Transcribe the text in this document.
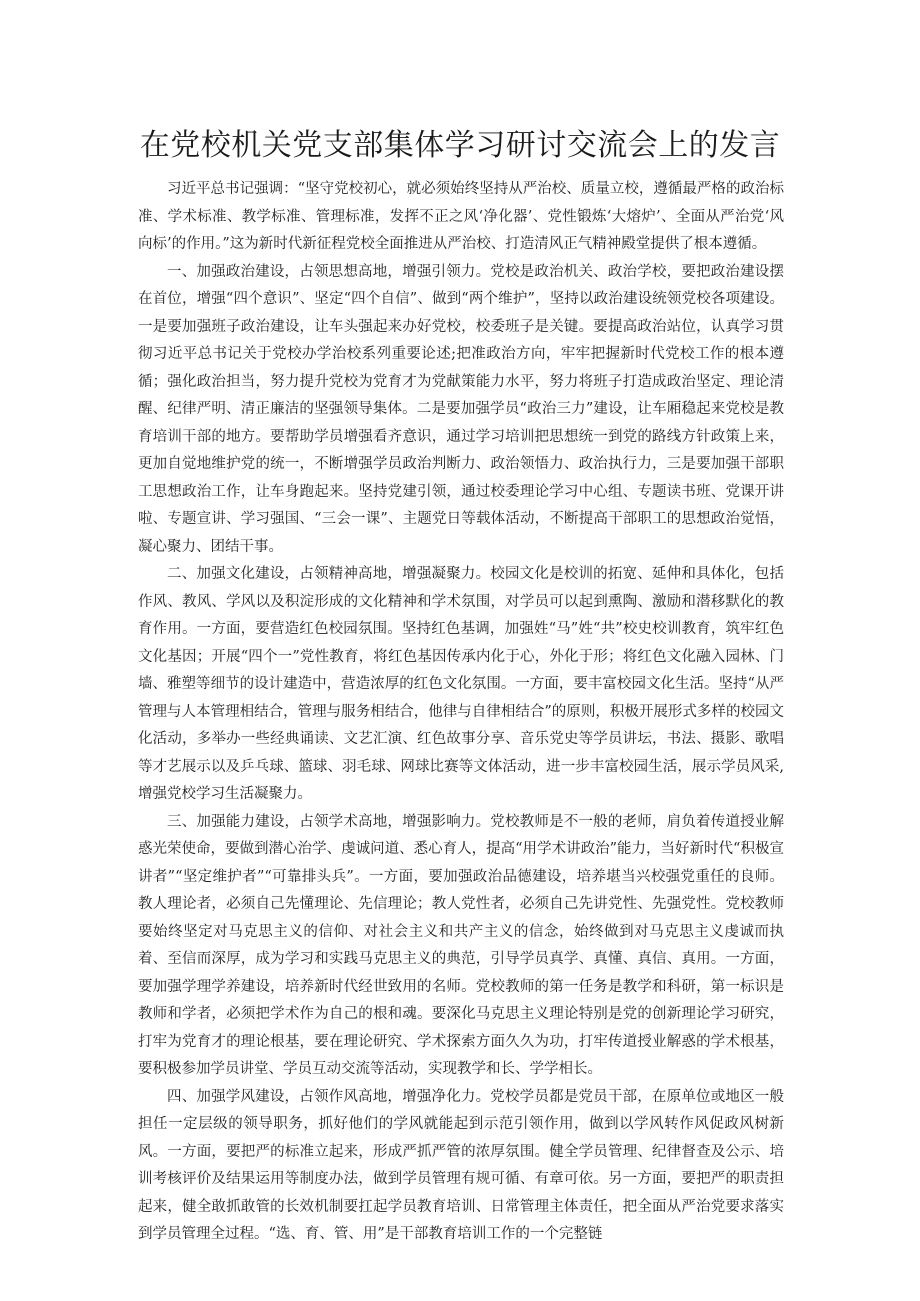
在党校机关党支部集体学习研讨交流会上的发言

习近平总书记强调：“坚守党校初心，就必须始终坚持从严治校、质量立校，遵循最严格的政治标准、学术标准、教学标准、管理标准，发挥不正之风‘净化器’、党性锻炼‘大熔炉’、全面从严治党‘风向标’的作用。”这为新时代新征程党校全面推进从严治校、打造清风正气精神殿堂提供了根本遵循。

一、加强政治建设，占领思想高地，增强引领力。党校是政治机关、政治学校，要把政治建设摆在首位，增强“四个意识”、坚定“四个自信”、做到“两个维护”，坚持以政治建设统领党校各项建设。一是要加强班子政治建设，让车头强起来办好党校，校委班子是关键。要提高政治站位，认真学习贯彻习近平总书记关于党校办学治校系列重要论述;把准政治方向，牢牢把握新时代党校工作的根本遵循；强化政治担当，努力提升党校为党育才为党献策能力水平，努力将班子打造成政治坚定、理论清醒、纪律严明、清正廉洁的坚强领导集体。二是要加强学员“政治三力”建设，让车厢稳起来党校是教育培训干部的地方。要帮助学员增强看齐意识，通过学习培训把思想统一到党的路线方针政策上来，更加自觉地维护党的统一，不断增强学员政治判断力、政治领悟力、政治执行力，三是要加强干部职工思想政治工作，让车身跑起来。坚持党建引领，通过校委理论学习中心组、专题读书班、党课开讲啦、专题宣讲、学习强国、“三会一课”、主题党日等载体活动，不断提高干部职工的思想政治觉悟，凝心聚力、团结干事。

二、加强文化建设，占领精神高地，增强凝聚力。校园文化是校训的拓宽、延伸和具体化，包括作风、教风、学风以及积淀形成的文化精神和学术氛围，对学员可以起到熏陶、激励和潜移默化的教育作用。一方面，要营造红色校园氛围。坚持红色基调，加强姓“马”姓“共”校史校训教育，筑牢红色文化基因；开展“四个一”党性教育，将红色基因传承内化于心，外化于形；将红色文化融入园林、门墙、雅塑等细节的设计建造中，营造浓厚的红色文化氛围。一方面，要丰富校园文化生活。坚持“从严管理与人本管理相结合，管理与服务相结合，他律与自律相结合”的原则，积极开展形式多样的校园文化活动，多举办一些经典诵读、文艺汇演、红色故事分享、音乐党史等学员讲坛，书法、摄影、歌唱等才艺展示以及乒乓球、篮球、羽毛球、网球比赛等文体活动，进一步丰富校园生活，展示学员风采,增强党校学习生活凝聚力。

三、加强能力建设，占领学术高地，增强影响力。党校教师是不一般的老师，肩负着传道授业解惑光荣使命，要做到潜心治学、虔诚问道、悉心育人，提高“用学术讲政治”能力，当好新时代“积极宣讲者”“坚定维护者”“可靠排头兵”。一方面，要加强政治品德建设，培养堪当兴校强党重任的良师。教人理论者，必须自己先懂理论、先信理论；教人党性者，必须自己先讲党性、先强党性。党校教师要始终坚定对马克思主义的信仰、对社会主义和共产主义的信念，始终做到对马克思主义虔诚而执着、至信而深厚，成为学习和实践马克思主义的典范，引导学员真学、真懂、真信、真用。一方面，要加强学理学养建设，培养新时代经世致用的名师。党校教师的第一任务是教学和科研，第一标识是教师和学者，必须把学术作为自己的根和魂。要深化马克思主义理论特别是党的创新理论学习研究，打牢为党育才的理论根基，要在理论研究、学术探索方面久久为功，打牢传道授业解惑的学术根基，要积极参加学员讲堂、学员互动交流等活动，实现教学和长、学学相长。

四、加强学风建设，占领作风高地，增强净化力。党校学员都是党员干部，在原单位或地区一般担任一定层级的领导职务，抓好他们的学风就能起到示范引领作用，做到以学风转作风促政风树新风。一方面，要把严的标准立起来，形成严抓严管的浓厚氛围。健全学员管理、纪律督查及公示、培训考核评价及结果运用等制度办法，做到学员管理有规可循、有章可依。另一方面，要把严的职责担起来，健全敢抓敢管的长效机制要扛起学员教育培训、日常管理主体责任，把全面从严治党要求落实到学员管理全过程。“选、育、管、用”是干部教育培训工作的一个完整链
